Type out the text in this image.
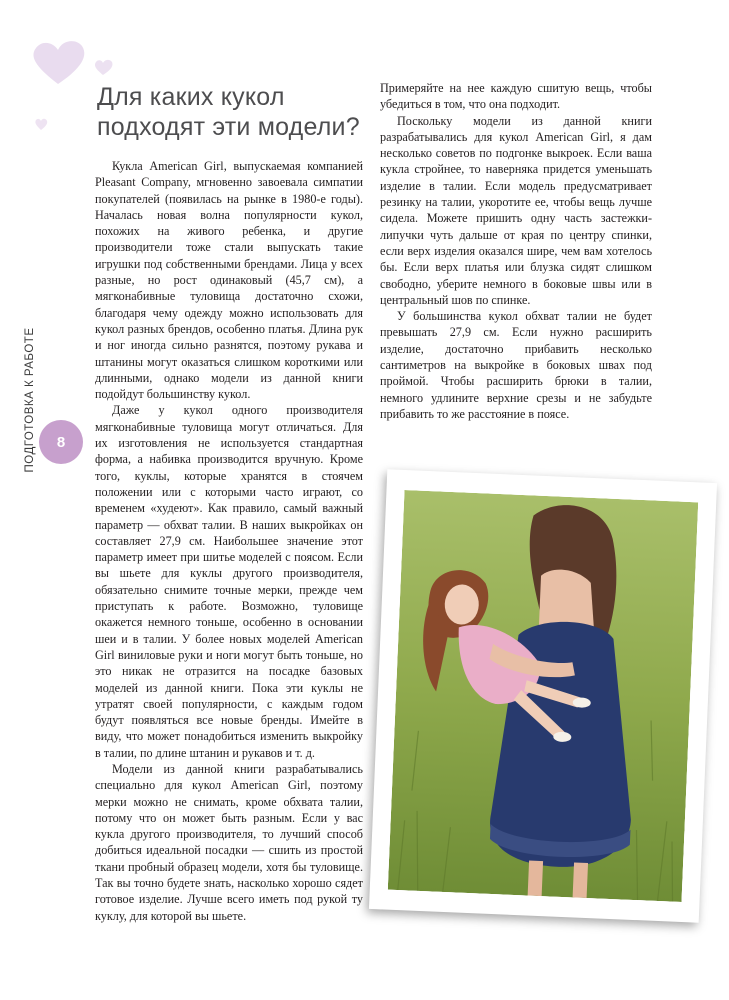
Для каких кукол
подходят эти модели?
ПОДГОТОВКА К РАБОТЕ	8

Кукла American Girl, выпускаемая компанией Pleasant Company, мгновенно завоевала симпатии покупателей (появилась на рынке в 1980-е годы). Началась новая волна популярности кукол, похожих на живого ребенка, и другие производители тоже стали выпускать такие игрушки под собственными брендами. Лица у всех разные, но рост одинаковый (45,7 см), а мягконабивные туловища достаточно схожи, благодаря чему одежду можно использовать для кукол разных брендов, особенно платья. Длина рук и ног иногда сильно разнятся, поэтому рукава и штанины могут оказаться слишком короткими или длинными, однако модели из данной книги подойдут большинству кукол.

Даже у кукол одного производителя мягконабивные туловища могут отличаться. Для их изготовления не используется стандартная форма, а набивка производится вручную. Кроме того, куклы, которые хранятся в стоячем положении или с которыми часто играют, со временем «худеют». Как правило, самый важный параметр — обхват талии. В наших выкройках он составляет 27,9 см. Наибольшее значение этот параметр имеет при шитье моделей с поясом. Если вы шьете для куклы другого производителя, обязательно снимите точные мерки, прежде чем приступать к работе. Возможно, туловище окажется немного тоньше, особенно в основании шеи и в талии. У более новых моделей American Girl виниловые руки и ноги могут быть тоньше, но это никак не отразится на посадке базовых моделей из данной книги. Пока эти куклы не утратят своей популярности, с каждым годом будут появляться все новые бренды. Имейте в виду, что может понадобиться изменить выкройку в талии, по длине штанин и рукавов и т. д.

Модели из данной книги разрабатывались специально для кукол American Girl, поэтому мерки можно не снимать, кроме обхвата талии, потому что он может быть разным. Если у вас кукла другого производителя, то лучший способ добиться идеальной посадки — сшить из простой ткани пробный образец модели, хотя бы туловище. Так вы точно будете знать, насколько хорошо сядет готовое изделие. Лучше всего иметь под рукой ту куклу, для которой вы шьете.

Примеряйте на нее каждую сшитую вещь, чтобы убедиться в том, что она подходит.

Поскольку модели из данной книги разрабатывались для кукол American Girl, я дам несколько советов по подгонке выкроек. Если ваша кукла стройнее, то наверняка придется уменьшать изделие в талии. Если модель предусматривает резинку на талии, укоротите ее, чтобы вещь лучше сидела. Можете пришить одну часть застежки-липучки чуть дальше от края по центру спинки, если верх изделия оказался шире, чем вам хотелось бы. Если верх платья или блузка сидят слишком свободно, уберите немного в боковые швы или в центральный шов по спинке.

У большинства кукол обхват талии не будет превышать 27,9 см. Если нужно расширить изделие, достаточно прибавить несколько сантиметров на выкройке в боковых швах под проймой. Чтобы расширить брюки в талии, немного удлините верхние срезы и не забудьте прибавить то же расстояние в поясе.
